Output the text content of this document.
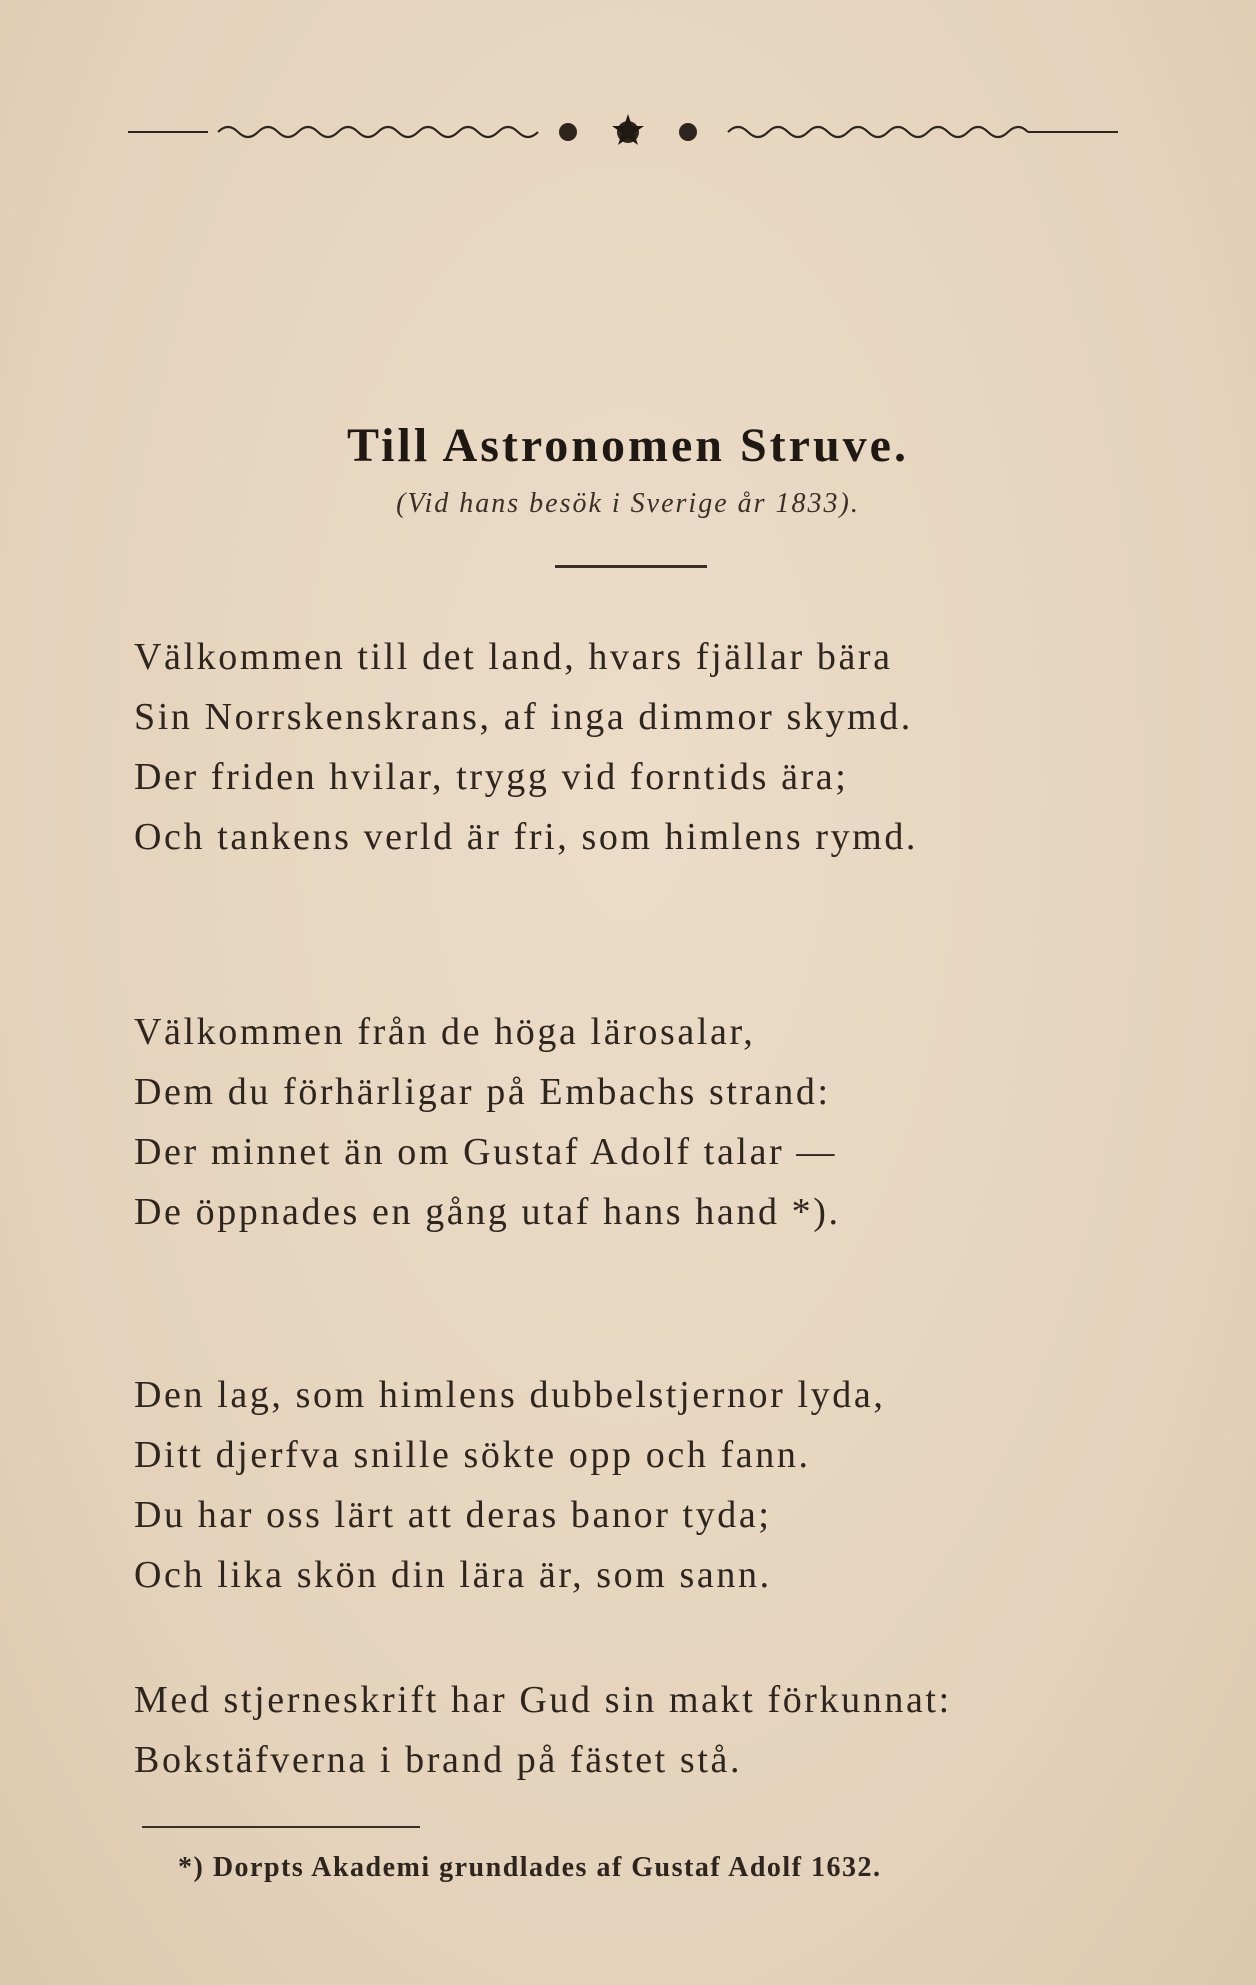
Till Astronomen Struve.
(Vid hans besök i Sverige år 1833).
Välkommen till det land, hvars fjällar bära
Sin Norrskenskrans, af inga dimmor skymd.
Der friden hvilar, trygg vid forntids ära;
Och tankens verld är fri, som himlens rymd.
Välkommen från de höga lärosalar,
Dem du förhärligar på Embachs strand:
Der minnet än om Gustaf Adolf talar —
De öppnades en gång utaf hans hand *).
Den lag, som himlens dubbelstjernor lyda,
Ditt djerfva snille sökte opp och fann.
Du har oss lärt att deras banor tyda;
Och lika skön din lära är, som sann.
Med stjerneskrift har Gud sin makt förkunnat:
Bokstäfverna i brand på fästet stå.
*) Dorpts Akademi grundlades af Gustaf Adolf 1632.
